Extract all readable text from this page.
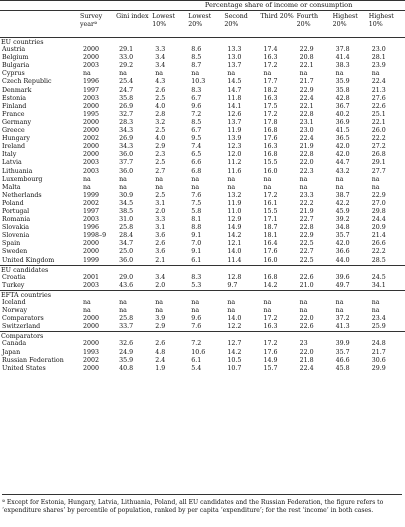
			Percentage share of income or consumption						
	Survey yearª	Gini index	Lowest 10%	Lowest 20%	Second 20%	Third 20%	Fourth 20%	Highest 20%	Highest 10%
EU countries									
Austria	2000	29.1	3.3	8.6	13.3	17.4	22.9	37.8	23.0
Belgium	2000	33.0	3.4	8.5	13.0	16.3	20.8	41.4	28.1
Bulgaria	2003	29.2	3.4	8.7	13.7	17.2	22.1	38.3	23.9
Cyprus	na	na	na	na	na	na	na	na	na
Czech Republic	1996	25.4	4.3	10.3	14.5	17.7	21.7	35.9	22.4
Denmark	1997	24.7	2.6	8.3	14.7	18.2	22.9	35.8	21.3
Estonia	2003	35.8	2.5	6.7	11.8	16.3	22.4	42.8	27.6
Finland	2000	26.9	4.0	9.6	14.1	17.5	22.1	36.7	22.6
France	1995	32.7	2.8	7.2	12.6	17.2	22.8	40.2	25.1
Germany	2000	28.3	3.2	8.5	13.7	17.8	23.1	36.9	22.1
Greece	2000	34.3	2.5	6.7	11.9	16.8	23.0	41.5	26.0
Hungary	2002	26.9	4.0	9.5	13.9	17.6	22.4	36.5	22.2
Ireland	2000	34.3	2.9	7.4	12.3	16.3	21.9	42.0	27.2
Italy	2000	36.0	2.3	6.5	12.0	16.8	22.8	42.0	26.8
Latvia	2003	37.7	2.5	6.6	11.2	15.5	22.0	44.7	29.1
Lithuania	2003	36.0	2.7	6.8	11.6	16.0	22.3	43.2	27.7
Luxembourg	na	na	na	na	na	na	na	na	na
Malta	na	na	na	na	na	na	na	na	na
Netherlands	1999	30.9	2.5	7.6	13.2	17.2	23.3	38.7	22.9
Poland	2002	34.5	3.1	7.5	11.9	16.1	22.2	42.2	27.0
Portugal	1997	38.5	2.0	5.8	11.0	15.5	21.9	45.9	29.8
Romania	2003	31.0	3.3	8.1	12.9	17.1	22.7	39.2	24.4
Slovakia	1996	25.8	3.1	8.8	14.9	18.7	22.8	34.8	20.9
Slovenia	1998–9	28.4	3.6	9.1	14.2	18.1	22.9	35.7	21.4
Spain	2000	34.7	2.6	7.0	12.1	16.4	22.5	42.0	26.6
Sweden	2000	25.0	3.6	9.1	14.0	17.6	22.7	36.6	22.2
United Kingdom	1999	36.0	2.1	6.1	11.4	16.0	22.5	44.0	28.5
EU candidates									
Croatia	2001	29.0	3.4	8.3	12.8	16.8	22.6	39.6	24.5
Turkey	2003	43.6	2.0	5.3	9.7	14.2	21.0	49.7	34.1
EFTA countries									
Iceland	na	na	na	na	na	na	na	na	na
Norway	na	na	na	na	na	na	na	na	na
Comparators	2000	25.8	3.9	9.6	14.0	17.2	22.0	37.2	23.4
Switzerland	2000	33.7	2.9	7.6	12.2	16.3	22.6	41.3	25.9
Comparators									
Canada	2000	32.6	2.6	7.2	12.7	17.2	23	39.9	24.8
Japan	1993	24.9	4.8	10.6	14.2	17.6	22.0	35.7	21.7
Russian Federation	2002	35.9	2.4	6.1	10.5	14.9	21.8	46.6	30.6
United States	2000	40.8	1.9	5.4	10.7	15.7	22.4	45.8	29.9
ª Except for Estonia, Hungary, Latvia, Lithuania, Poland, all EU candidates and the Russian Federation, the figure refers to ‘expenditure shares’ by percentile of population, ranked by per capita ‘expenditure’; for the rest ‘income’ in both cases.
